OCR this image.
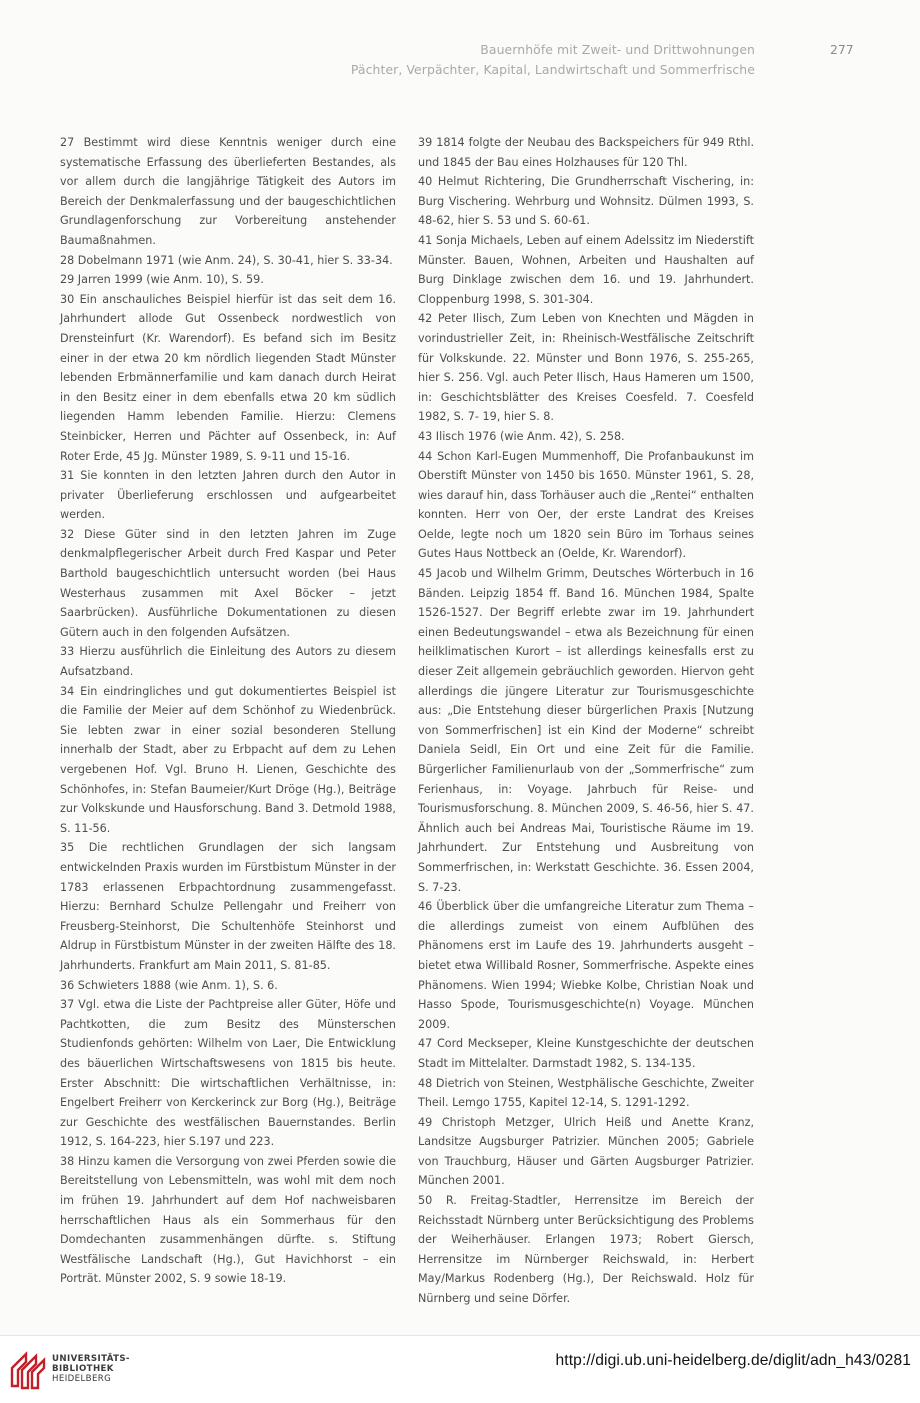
Bauernhöfe mit Zweit- und Drittwohnungen
Pächter, Verpächter, Kapital, Landwirtschaft und Sommerfrische
277

27 Bestimmt wird diese Kenntnis weniger durch eine systematische Erfassung des überlieferten Bestandes, als vor allem durch die langjährige Tätigkeit des Autors im Bereich der Denkmalerfassung und der baugeschichtlichen Grundlagenforschung zur Vorbereitung anstehender Baumaßnahmen.

28 Dobelmann 1971 (wie Anm. 24), S. 30-41, hier S. 33-34.

29 Jarren 1999 (wie Anm. 10), S. 59.

30 Ein anschauliches Beispiel hierfür ist das seit dem 16. Jahrhundert allode Gut Ossenbeck nordwestlich von Drensteinfurt (Kr. Warendorf). Es befand sich im Besitz einer in der etwa 20 km nördlich liegenden Stadt Münster lebenden Erbmännerfamilie und kam danach durch Heirat in den Besitz einer in dem ebenfalls etwa 20 km südlich liegenden Hamm lebenden Familie. Hierzu: Clemens Steinbicker, Herren und Pächter auf Ossenbeck, in: Auf Roter Erde, 45 Jg. Münster 1989, S. 9-11 und 15-16.

31 Sie konnten in den letzten Jahren durch den Autor in privater Überlieferung erschlossen und aufgearbeitet werden.

32 Diese Güter sind in den letzten Jahren im Zuge denkmalpflegerischer Arbeit durch Fred Kaspar und Peter Barthold baugeschichtlich untersucht worden (bei Haus Westerhaus zusammen mit Axel Böcker – jetzt Saarbrücken). Ausführliche Dokumentationen zu diesen Gütern auch in den folgenden Aufsätzen.

33 Hierzu ausführlich die Einleitung des Autors zu diesem Aufsatzband.

34 Ein eindringliches und gut dokumentiertes Beispiel ist die Familie der Meier auf dem Schönhof zu Wiedenbrück. Sie lebten zwar in einer sozial besonderen Stellung innerhalb der Stadt, aber zu Erbpacht auf dem zu Lehen vergebenen Hof. Vgl. Bruno H. Lienen, Geschichte des Schönhofes, in: Stefan Baumeier/Kurt Dröge (Hg.), Beiträge zur Volkskunde und Hausforschung. Band 3. Detmold 1988, S. 11-56.

35 Die rechtlichen Grundlagen der sich langsam entwickelnden Praxis wurden im Fürstbistum Münster in der 1783 erlassenen Erbpachtordnung zusammengefasst. Hierzu: Bernhard Schulze Pellengahr und Freiherr von Freusberg-Steinhorst, Die Schultenhöfe Steinhorst und Aldrup in Fürstbistum Münster in der zweiten Hälfte des 18. Jahrhunderts. Frankfurt am Main 2011, S. 81-85.

36 Schwieters 1888 (wie Anm. 1), S. 6.

37 Vgl. etwa die Liste der Pachtpreise aller Güter, Höfe und Pachtkotten, die zum Besitz des Münsterschen Studienfonds gehörten: Wilhelm von Laer, Die Entwicklung des bäuerlichen Wirtschaftswesens von 1815 bis heute. Erster Abschnitt: Die wirtschaftlichen Verhältnisse, in: Engelbert Freiherr von Kerckerinck zur Borg (Hg.), Beiträge zur Geschichte des westfälischen Bauernstandes. Berlin 1912, S. 164-223, hier S.197 und 223.

38 Hinzu kamen die Versorgung von zwei Pferden sowie die Bereitstellung von Lebensmitteln, was wohl mit dem noch im frühen 19. Jahrhundert auf dem Hof nachweisbaren herrschaftlichen Haus als ein Sommerhaus für den Domdechanten zusammenhängen dürfte. s. Stiftung Westfälische Landschaft (Hg.), Gut Havichhorst – ein Porträt. Münster 2002, S. 9 sowie 18-19.

39 1814 folgte der Neubau des Backspeichers für 949 Rthl. und 1845 der Bau eines Holzhauses für 120 Thl.

40 Helmut Richtering, Die Grundherrschaft Vischering, in: Burg Vischering. Wehrburg und Wohnsitz. Dülmen 1993, S. 48-62, hier S. 53 und S. 60-61.

41 Sonja Michaels, Leben auf einem Adelssitz im Niederstift Münster. Bauen, Wohnen, Arbeiten und Haushalten auf Burg Dinklage zwischen dem 16. und 19. Jahrhundert. Cloppenburg 1998, S. 301-304.

42 Peter Ilisch, Zum Leben von Knechten und Mägden in vorindustrieller Zeit, in: Rheinisch-Westfälische Zeitschrift für Volkskunde. 22. Münster und Bonn 1976, S. 255-265, hier S. 256. Vgl. auch Peter Ilisch, Haus Hameren um 1500, in: Geschichtsblätter des Kreises Coesfeld. 7. Coesfeld 1982, S. 7- 19, hier S. 8.

43 Ilisch 1976 (wie Anm. 42), S. 258.

44 Schon Karl-Eugen Mummenhoff, Die Profanbaukunst im Oberstift Münster von 1450 bis 1650. Münster 1961, S. 28, wies darauf hin, dass Torhäuser auch die „Rentei“ enthalten konnten. Herr von Oer, der erste Landrat des Kreises Oelde, legte noch um 1820 sein Büro im Torhaus seines Gutes Haus Nottbeck an (Oelde, Kr. Warendorf).

45 Jacob und Wilhelm Grimm, Deutsches Wörterbuch in 16 Bänden. Leipzig 1854 ff. Band 16. München 1984, Spalte 1526-1527. Der Begriff erlebte zwar im 19. Jahrhundert einen Bedeutungswandel – etwa als Bezeichnung für einen heilklimatischen Kurort – ist allerdings keinesfalls erst zu dieser Zeit allgemein gebräuchlich geworden. Hiervon geht allerdings die jüngere Literatur zur Tourismusgeschichte aus: „Die Entstehung dieser bürgerlichen Praxis [Nutzung von Sommerfrischen] ist ein Kind der Moderne“ schreibt Daniela Seidl, Ein Ort und eine Zeit für die Familie. Bürgerlicher Familienurlaub von der „Sommerfrische“ zum Ferienhaus, in: Voyage. Jahrbuch für Reise- und Tourismusforschung. 8. München 2009, S. 46-56, hier S. 47. Ähnlich auch bei Andreas Mai, Touristische Räume im 19. Jahrhundert. Zur Entstehung und Ausbreitung von Sommerfrischen, in: Werkstatt Geschichte. 36. Essen 2004, S. 7-23.

46 Überblick über die umfangreiche Literatur zum Thema – die allerdings zumeist von einem Aufblühen des Phänomens erst im Laufe des 19. Jahrhunderts ausgeht – bietet etwa Willibald Rosner, Sommerfrische. Aspekte eines Phänomens. Wien 1994; Wiebke Kolbe, Christian Noak und Hasso Spode, Tourismusgeschichte(n) Voyage. München 2009.

47 Cord Meckseper, Kleine Kunstgeschichte der deutschen Stadt im Mittelalter. Darmstadt 1982, S. 134-135.

48 Dietrich von Steinen, Westphälische Geschichte, Zweiter Theil. Lemgo 1755, Kapitel 12-14, S. 1291-1292.

49 Christoph Metzger, Ulrich Heiß und Anette Kranz, Landsitze Augsburger Patrizier. München 2005; Gabriele von Trauchburg, Häuser und Gärten Augsburger Patrizier. München 2001.

50 R. Freitag-Stadtler, Herrensitze im Bereich der Reichsstadt Nürnberg unter Berücksichtigung des Problems der Weiherhäuser. Erlangen 1973; Robert Giersch, Herrensitze im Nürnberger Reichswald, in: Herbert May/Markus Rodenberg (Hg.), Der Reichswald. Holz für Nürnberg und seine Dörfer.

UNIVERSITÄTS-
BIBLIOTHEK
HEIDELBERG
http://digi.ub.uni-heidelberg.de/diglit/adn_h43/0281
